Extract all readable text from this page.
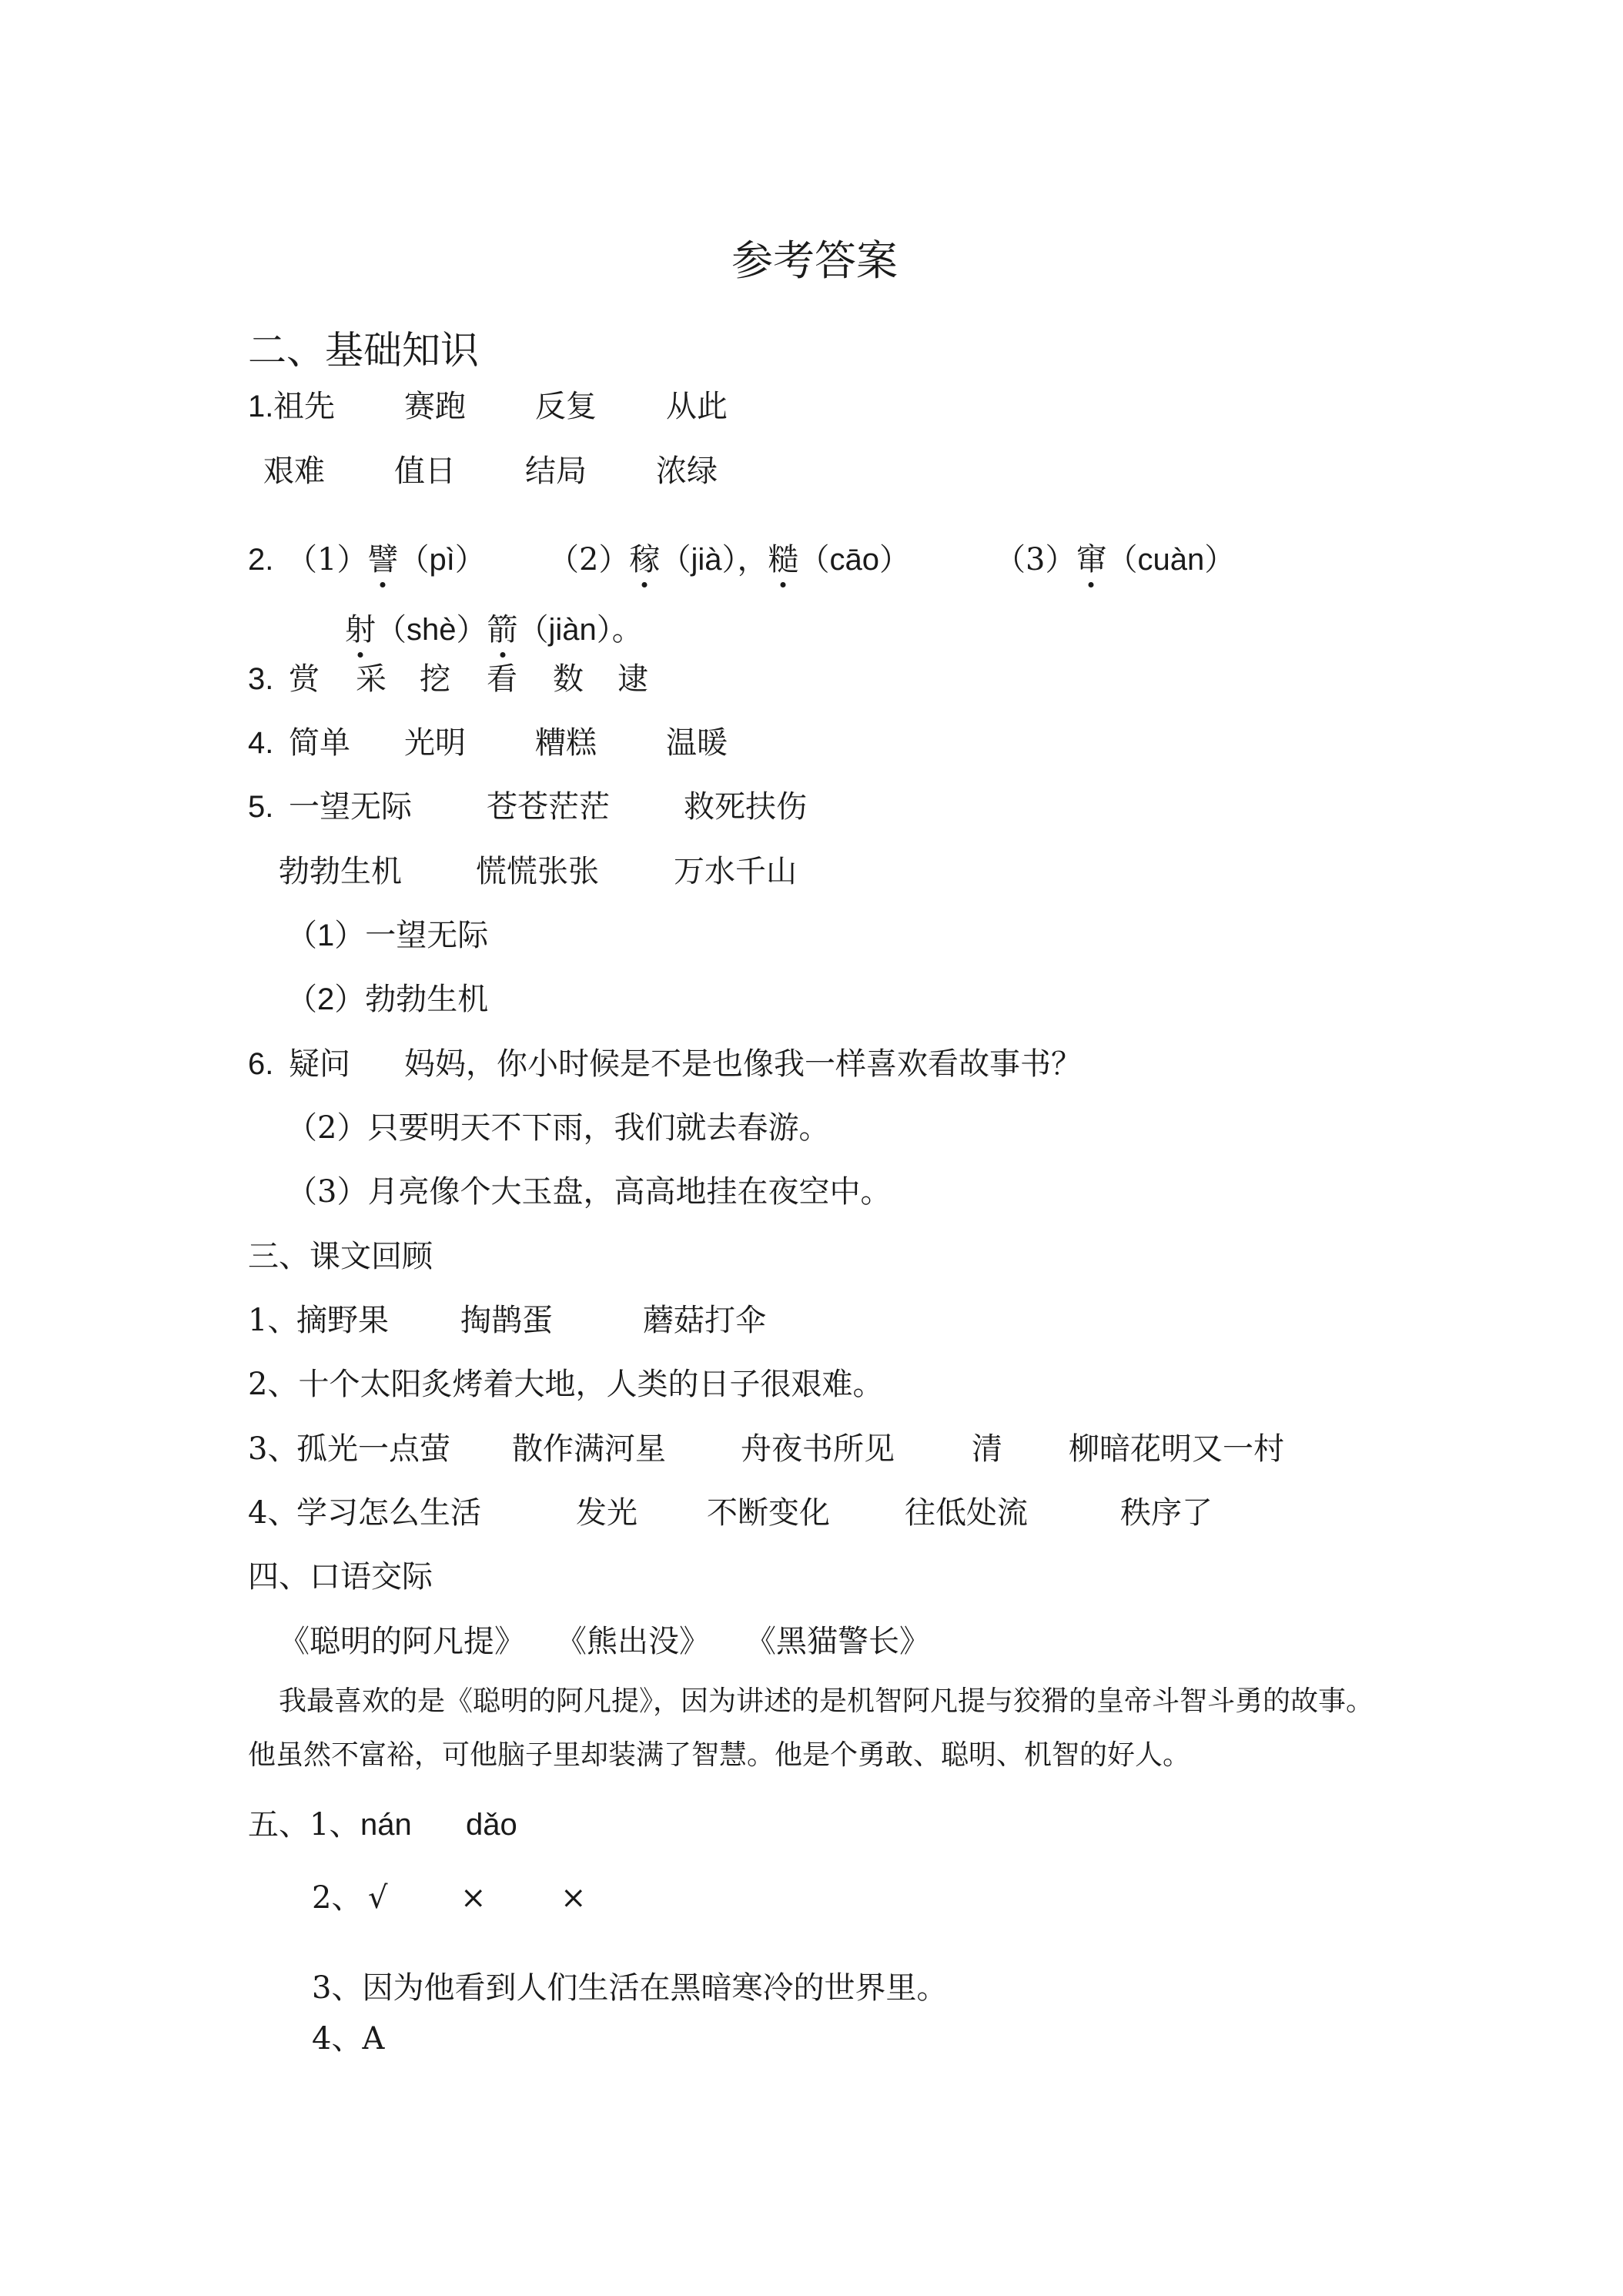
参考答案
二、基础知识
1. 祖先 赛跑 反复 从此
艰难 值日 结局 浓绿
2. （1）譬（pì） （2）稼（jià），糙（cāo）	（3）窜（cuàn）
射（shè）箭（jiàn）。
3. 赏 采 挖 看 数 逮
4. 简单 光明 糟糕 温暖
5. 一望无际 苍苍茫茫 救死扶伤
勃勃生机 慌慌张张 万水千山
（1）一望无际
（2）勃勃生机
6. 疑问 妈妈，你小时候是不是也像我一样喜欢看故事书？
（2）只要明天不下雨，我们就去春游。
（3）月亮像个大玉盘，高高地挂在夜空中。
三、课文回顾
1、
摘野果 掏鹊蛋	蘑菇打伞
2、十个太阳炙烤着大地，人类的日子很艰难。
3、
孤光一点萤 散作满河星 舟夜书所见	清 柳暗花明又一村
4、
学习怎么生活	发光 不断变化 往低处流	秩序了
四、口语交际
《聪明的阿凡提》 《熊出没》 《黑猫警长》
我最喜欢的是《聪明的阿凡提》，因为讲述的是机智阿凡提与狡猾的皇帝斗智斗勇的故事。
他虽然不富裕，可他脑子里却装满了智慧。他是个勇敢、聪明、机智的好人。
五、1、 nán dǎo
2、 √ × ×
3、因为他看到人们生活在黑暗寒冷的世界里。
4、A
